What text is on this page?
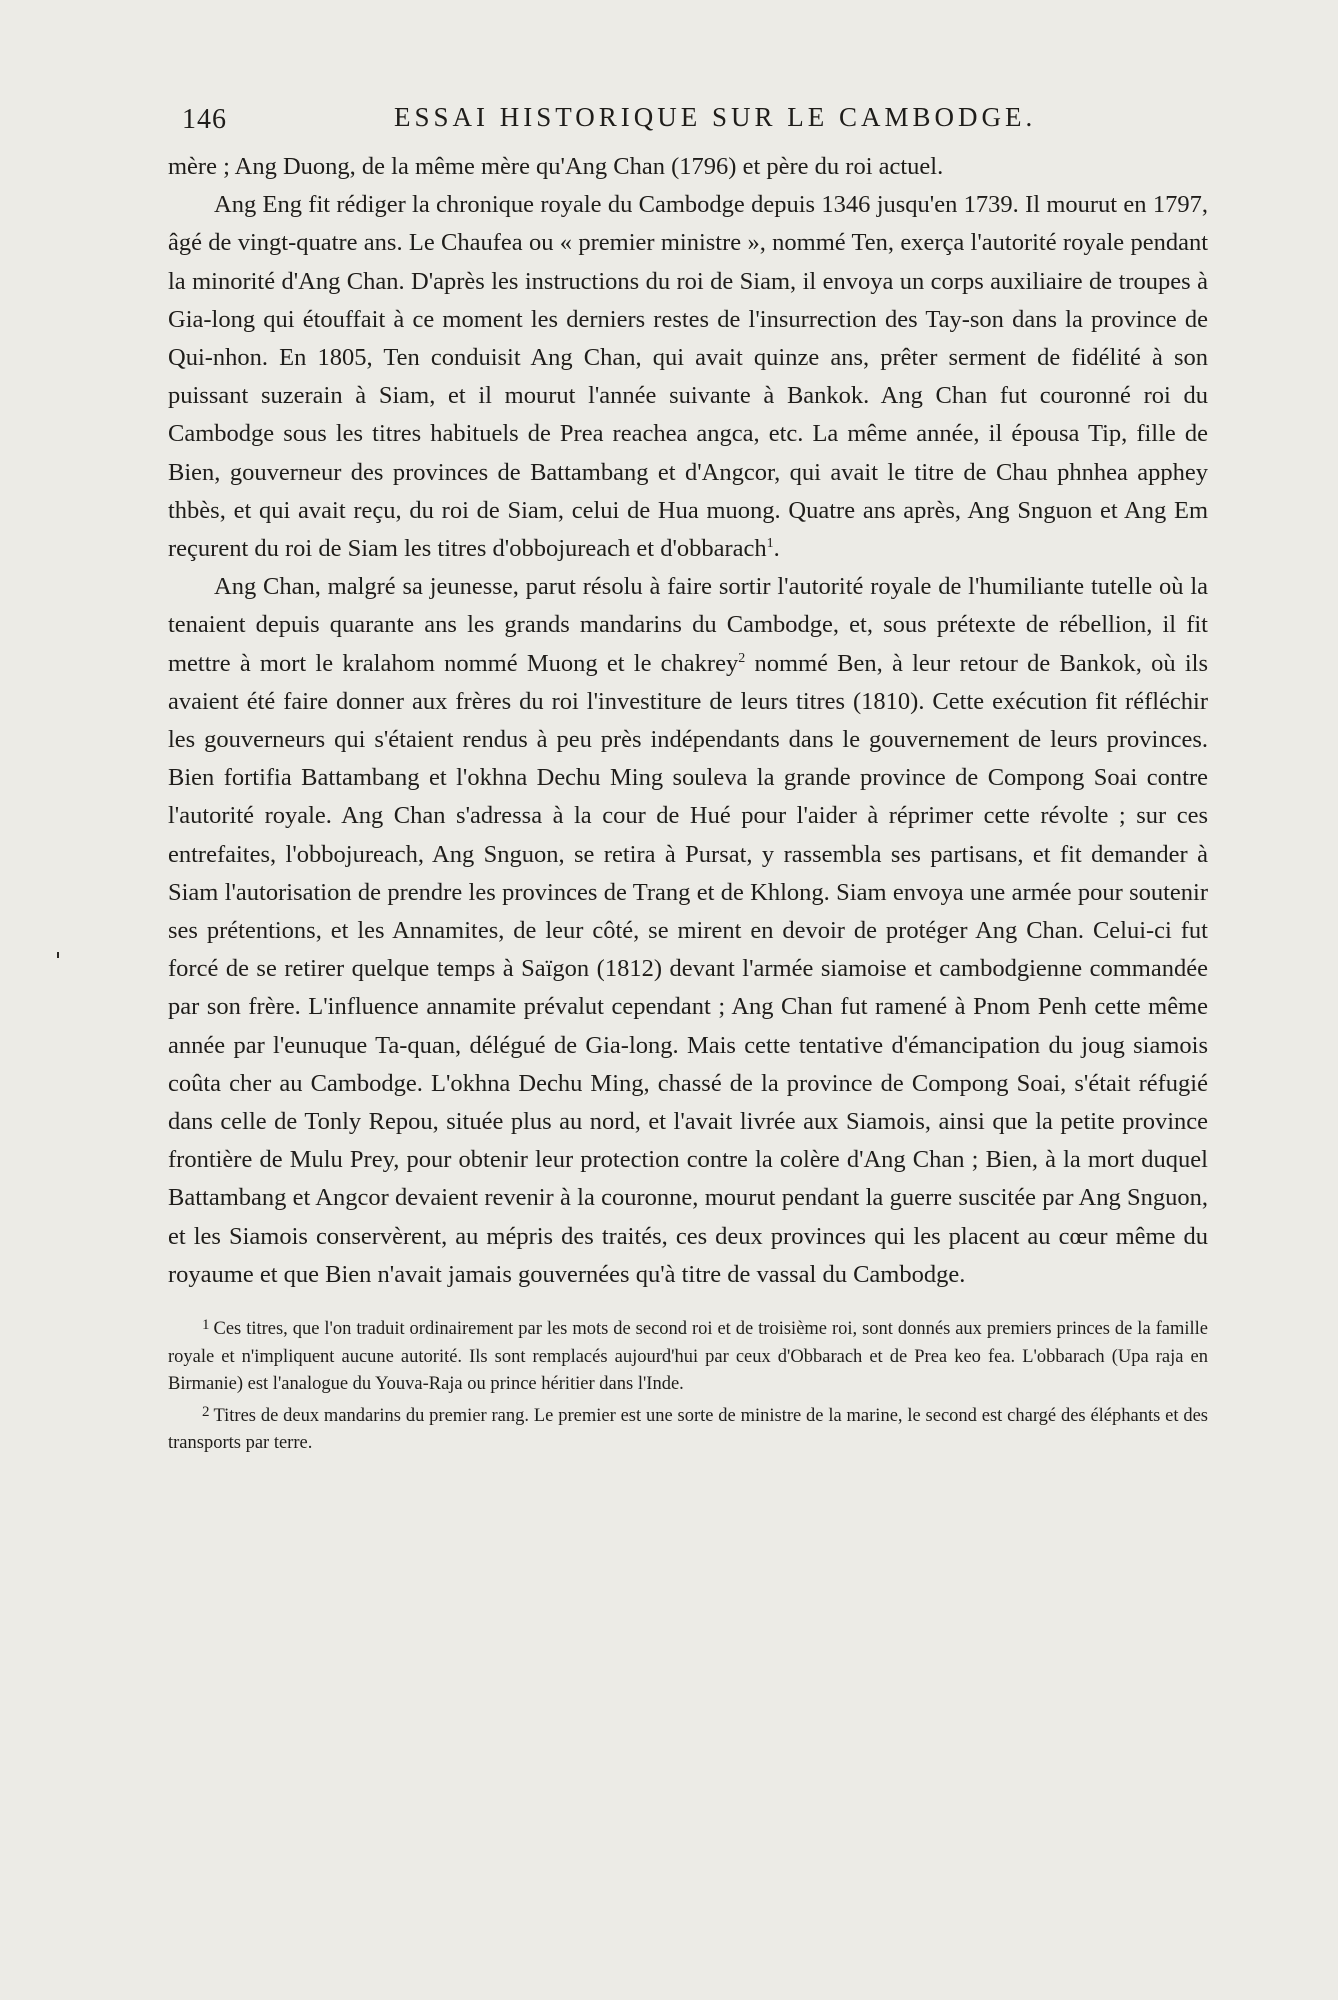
146	ESSAI HISTORIQUE SUR LE CAMBODGE.

mère ; Ang Duong, de la même mère qu'Ang Chan (1796) et père du roi actuel.

Ang Eng fit rédiger la chronique royale du Cambodge depuis 1346 jusqu'en 1739. Il mourut en 1797, âgé de vingt-quatre ans. Le Chaufea ou « premier ministre », nommé Ten, exerça l'autorité royale pendant la minorité d'Ang Chan. D'après les instructions du roi de Siam, il envoya un corps auxiliaire de troupes à Gia-long qui étouffait à ce moment les derniers restes de l'insurrection des Tay-son dans la province de Qui-nhon. En 1805, Ten conduisit Ang Chan, qui avait quinze ans, prêter serment de fidélité à son puissant suzerain à Siam, et il mourut l'année suivante à Bankok. Ang Chan fut couronné roi du Cambodge sous les titres habituels de Prea reachea angca, etc. La même année, il épousa Tip, fille de Bien, gouverneur des provinces de Battambang et d'Angcor, qui avait le titre de Chau phnhea apphey thbès, et qui avait reçu, du roi de Siam, celui de Hua muong. Quatre ans après, Ang Snguon et Ang Em reçurent du roi de Siam les titres d'obbojureach et d'obbarach$^1$.

Ang Chan, malgré sa jeunesse, parut résolu à faire sortir l'autorité royale de l'humiliante tutelle où la tenaient depuis quarante ans les grands mandarins du Cambodge, et, sous prétexte de rébellion, il fit mettre à mort le kralahom nommé Muong et le chakrey$^2$ nommé Ben, à leur retour de Bankok, où ils avaient été faire donner aux frères du roi l'investiture de leurs titres (1810). Cette exécution fit réfléchir les gouverneurs qui s'étaient rendus à peu près indépendants dans le gouvernement de leurs provinces. Bien fortifia Battambang et l'okhna Dechu Ming souleva la grande province de Compong Soai contre l'autorité royale. Ang Chan s'adressa à la cour de Hué pour l'aider à réprimer cette révolte ; sur ces entrefaites, l'obbojureach, Ang Snguon, se retira à Pursat, y rassembla ses partisans, et fit demander à Siam l'autorisation de prendre les provinces de Trang et de Khlong. Siam envoya une armée pour soutenir ses prétentions, et les Annamites, de leur côté, se mirent en devoir de protéger Ang Chan. Celui-ci fut forcé de se retirer quelque temps à Saïgon (1812) devant l'armée siamoise et cambodgienne commandée par son frère. L'influence annamite prévalut cependant ; Ang Chan fut ramené à Pnom Penh cette même année par l'eunuque Ta-quan, délégué de Gia-long. Mais cette tentative d'émancipation du joug siamois coûta cher au Cambodge. L'okhna Dechu Ming, chassé de la province de Compong Soai, s'était réfugié dans celle de Tonly Repou, située plus au nord, et l'avait livrée aux Siamois, ainsi que la petite province frontière de Mulu Prey, pour obtenir leur protection contre la colère d'Ang Chan ; Bien, à la mort duquel Battambang et Angcor devaient revenir à la couronne, mourut pendant la guerre suscitée par Ang Snguon, et les Siamois conservèrent, au mépris des traités, ces deux provinces qui les placent au cœur même du royaume et que Bien n'avait jamais gouvernées qu'à titre de vassal du Cambodge.

$^1$ Ces titres, que l'on traduit ordinairement par les mots de second roi et de troisième roi, sont donnés aux premiers princes de la famille royale et n'impliquent aucune autorité. Ils sont remplacés aujourd'hui par ceux d'Obbarach et de Prea keo fea. L'obbarach (Upa raja en Birmanie) est l'analogue du Youva-Raja ou prince héritier dans l'Inde.

$^2$ Titres de deux mandarins du premier rang. Le premier est une sorte de ministre de la marine, le second est chargé des éléphants et des transports par terre.
